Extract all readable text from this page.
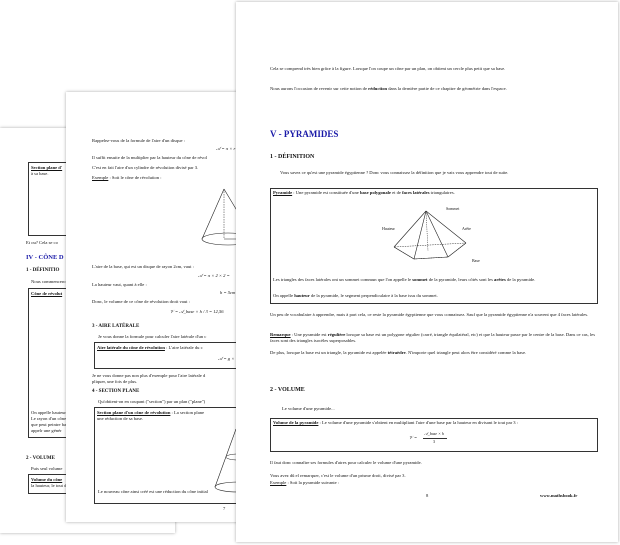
Section plane d'
à sa base.
Et ou? Cela se co
IV - CÔNE D
1 - DÉFINITIO
Nous commencero
Cône de révolut
On appelle hauteur
Le rayon d'un cône
que peut peintre ba
appelr une génér
2 - VOLUME
Puis seul volume
Volume du cône
la hauteur, le tout d
Rappelez-vous de la formule de l'aire d'un disque :
𝒜 = π × r
Il suffit ensuite de la multiplier par la hauteur du cône de révol
C'est en fait l'aire d'un cylindre de révolution divisé par 3.
Exemple : Soit le cône de révolution :
L'aire de la base, qui est un disque de rayon 2cm, vaut :
𝒜 = π × 2 × 2 =
La hauteur vaut, quant à elle :
h = 5cm
Donc, le volume de ce cône de révolution droit vaut :
𝒱 = 𝒜_base × h / 3 = 12,56
3 - AIRE LATÉRALE
Je vous donne la formule pour calculer l'aire latérale d'un c
Aire latérale du cône de révolution : L'aire latérale du c
𝒜 = g ×
Je ne vous donne pas non plus d'exemple pour l'aire latérale d
pliquer, une fois de plus.
4 - SECTION PLANE
Qu'obtient-on en coupant ("section") par un plan ("plane")
Section plane d'un cône de révolution : La section plane
une réduction de sa base.
Le nouveau cône ainsi créé est une réduction du cône initial
7
Cela se comprend très bien grâce à la figure. Lorsque l'on coupe un cône par un plan, on obtient un cercle plus petit que sa base.
Nous aurons l'occasion de revenir sur cette notion de réduction dans la dernière partie de ce chapitre de géométrie dans l'espace.
V - PYRAMIDES
1 - DÉFINITION
Vous savez ce qu'est une pyramide égyptienne ? Donc vous connaissez la définition que je vais vous apprendre tout de suite.
Pyramide : Une pyramide est constituée d'une base polygonale et de faces latérales triangulaires.
Sommet
Hauteur	Arête
Base
Les triangles des faces latérales ont un sommet commun que l'on appelle le sommet de la pyramide, leurs côtés sont les arêtes de la pyramide.
On appelle hauteur de la pyramide, le segment perpendiculaire à la base issu du sommet.
Un peu de vocabulaire à apprendre, mais à part cela, ce reste la pyramide égyptienne que vous connaissez. Sauf que la pyramide égyptienne n'a souvent que 4 faces latérales.
Remarque : Une pyramide est régulière lorsque sa base est un polygone régulier (carré, triangle équilatéral, etc) et que la hauteur passe par le centre de la base. Dans ce cas, les faces sont des triangles isocèles superposables.
De plus, lorsque la base est un triangle, la pyramide est appelée tétraèdre. N'importe quel triangle peut alors être considéré comme la base.
2 - VOLUME
Le volume d'une pyramide...
Volume de la pyramide : Le volume d'une pyramide s'obtient en multipliant l'aire d'une base par la hauteur en divisant le tout par 3 :
𝒱 =
𝒜_base × h
3
Il faut donc connaître ses formules d'aires pour calculer le volume d'une pyramide.
Vous avez dû el remarquer, c'est le volume d'un prisme droit, divisé par 3.
Exemple : Soit la pyramide suivante :
8	www.mathsbook.fr
